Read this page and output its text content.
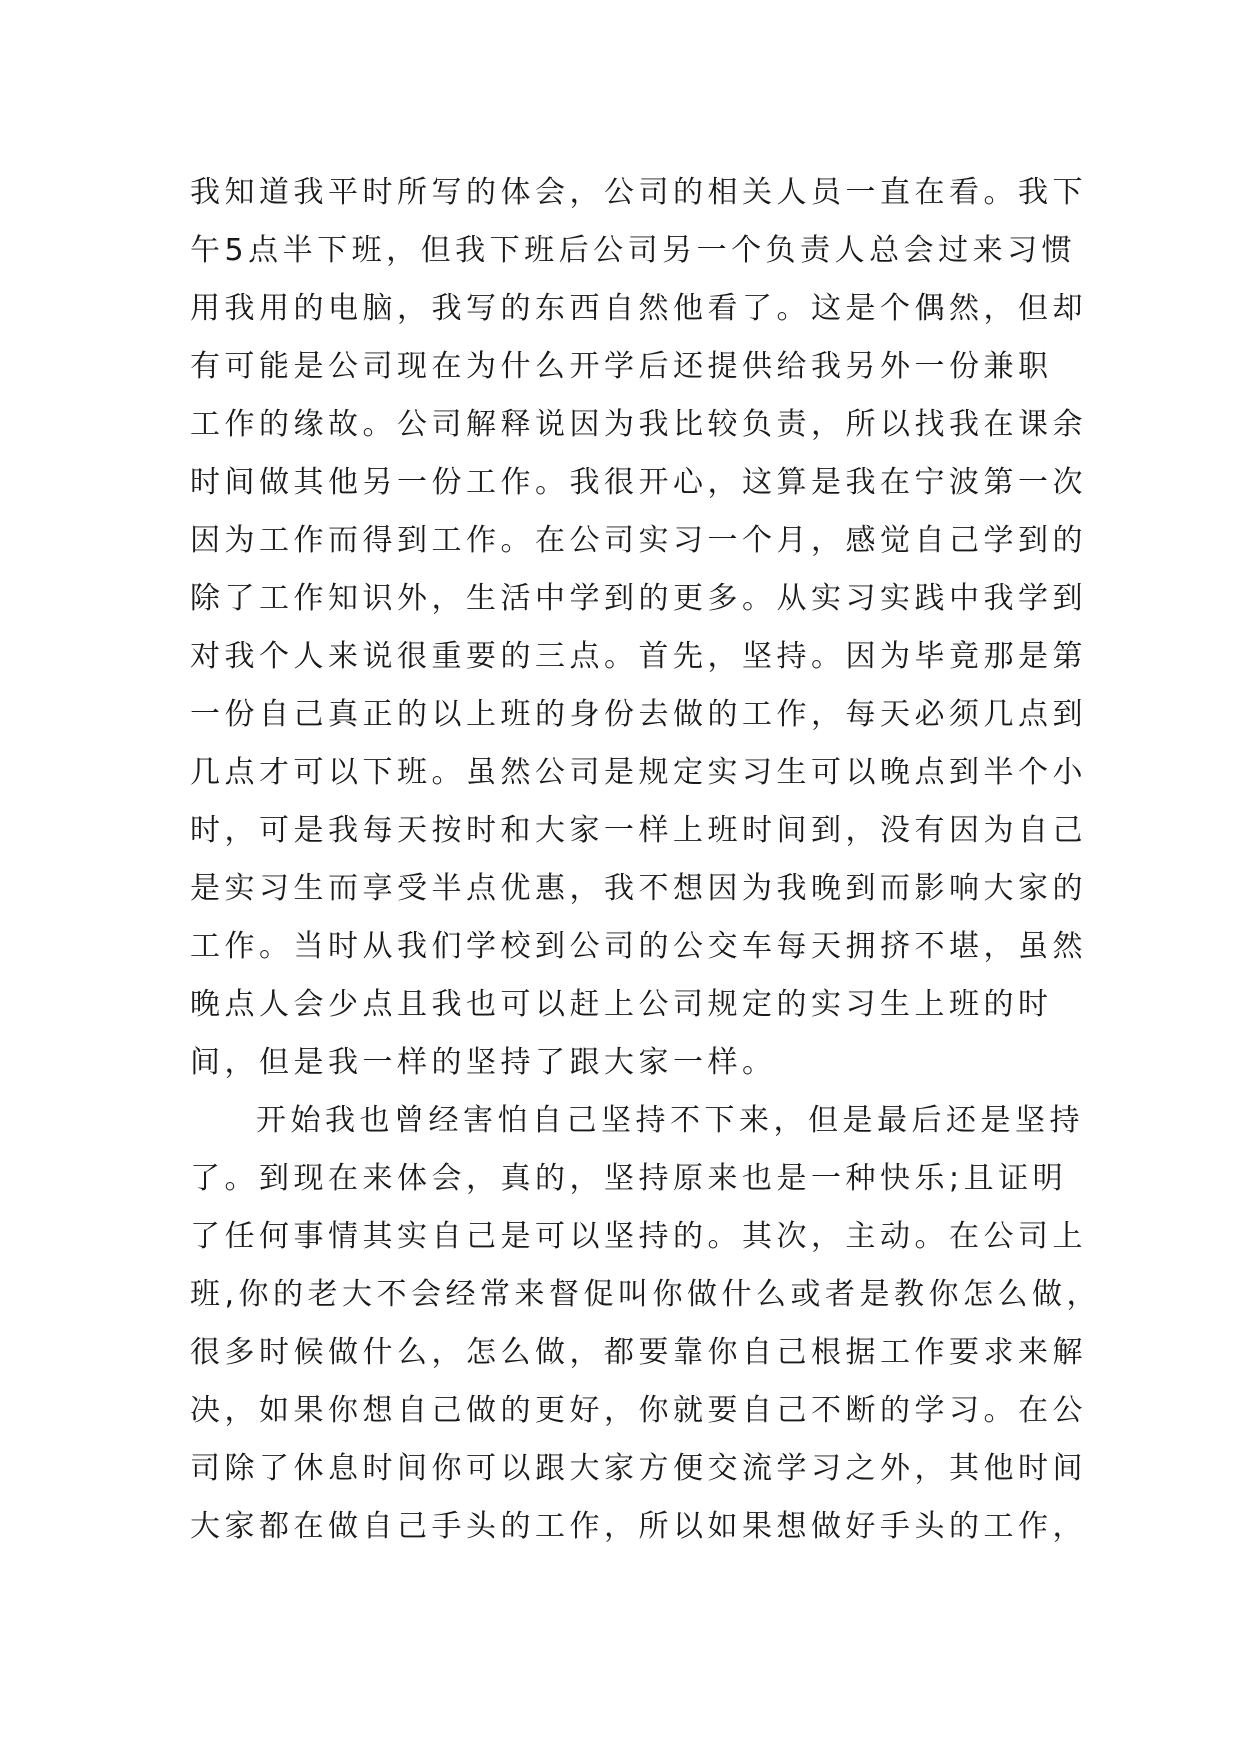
我知道我平时所写的体会，公司的相关人员一直在看。我下
午5点半下班，但我下班后公司另一个负责人总会过来习惯
用我用的电脑，我写的东西自然他看了。这是个偶然，但却
有可能是公司现在为什么开学后还提供给我另外一份兼职
工作的缘故。公司解释说因为我比较负责，所以找我在课余
时间做其他另一份工作。我很开心，这算是我在宁波第一次
因为工作而得到工作。在公司实习一个月，感觉自己学到的
除了工作知识外，生活中学到的更多。从实习实践中我学到
对我个人来说很重要的三点。首先，坚持。因为毕竟那是第
一份自己真正的以上班的身份去做的工作，每天必须几点到
几点才可以下班。虽然公司是规定实习生可以晚点到半个小
时，可是我每天按时和大家一样上班时间到，没有因为自己
是实习生而享受半点优惠，我不想因为我晚到而影响大家的
工作。当时从我们学校到公司的公交车每天拥挤不堪，虽然
晚点人会少点且我也可以赶上公司规定的实习生上班的时
间，但是我一样的坚持了跟大家一样。
开始我也曾经害怕自己坚持不下来，但是最后还是坚持
了。到现在来体会，真的，坚持原来也是一种快乐;且证明
了任何事情其实自己是可以坚持的。其次，主动。在公司上
班,你的老大不会经常来督促叫你做什么或者是教你怎么做，
很多时候做什么，怎么做，都要靠你自己根据工作要求来解
决，如果你想自己做的更好，你就要自己不断的学习。在公
司除了休息时间你可以跟大家方便交流学习之外，其他时间
大家都在做自己手头的工作，所以如果想做好手头的工作，
